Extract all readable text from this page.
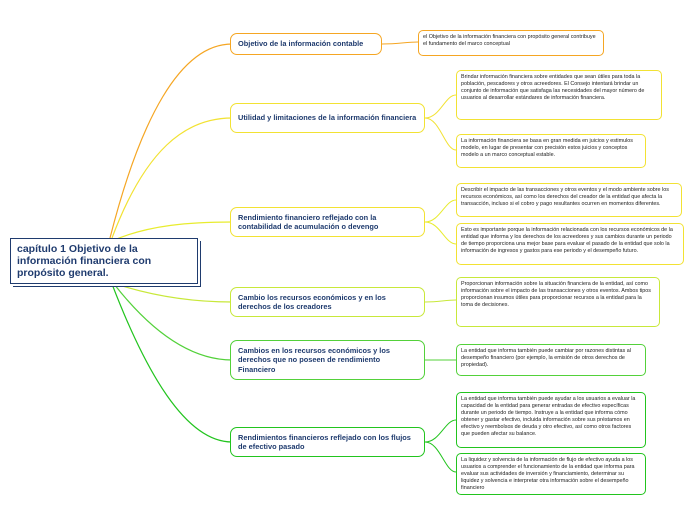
capítulo 1 Objetivo de la información financiera con propósito general.
Objetivo de la información contable
el Objetivo de la información financiera con propósito general contribuye el fundamento del marco conceptual
Utilidad y limitaciones de la información financiera
Brindar información financiera sobre entidades que sean útiles para toda la población, pescadores y otros acreedores. El Consejo intentará brindar un conjunto de información que satisfaga las necesidades del mayor número de usuarios al desarrollar estándares de información financiera.
La información financiera se basa en gran medida en juicios y estimulos modelo, en lugar de presentar con precisión estos juicios y conceptos modelo a un marco conceptual estable.
Rendimiento financiero reflejado con la contabilidad de acumulación o devengo
Describir el impacto de las transacciones y otros eventos y el modo ambiente sobre los recursos económicos, así como los derechos del creador de la entidad que afecta la transacción, incluso si el cobro y pago resultantes ocurren en momentos diferentes.
Esto es importante porque la información relacionada con los recursos económicos de la entidad que informa y los derechos de los acreedores y sus cambios durante un periodo de tiempo proporciona una mejor base para evaluar el pasado de la entidad que solo la información de ingresos y gastos para ese periodo y el desempeño futuro.
Cambio los recursos económicos y en los derechos de los creadores
Proporcionan información sobre la situación financiera de la entidad, así como información sobre el impacto de las transacciones y otros eventos. Ambos tipos proporcionan insumos útiles para proporcionar recursos a la entidad para la toma de decisiones.
Cambios en los recursos económicos y los derechos que no poseen de rendimiento Financiero
La entidad que informa también puede cambiar por razones distintas al desempeño financiero (por ejemplo, la emisión de otros derechos de propiedad).
Rendimientos financieros reflejado con los flujos de efectivo pasado
La entidad que informa también puede ayudar a los usuarios a evaluar la capacidad de la entidad para generar entradas de efectivo específicas durante un periodo de tiempo. Instruye a la entidad que informa cómo obtener y gastar efectivo, incluida información sobre sus préstamos en efectivo y reembolsos de deuda y otro efectivo, así como otros factores que pueden afectar su balance.
La liquidez y solvencia de la información de flujo de efectivo ayuda a los usuarios a comprender el funcionamiento de la entidad que informa para evaluar sus actividades de inversión y financiamiento, determinar su liquidez y solvencia e interpretar otra información sobre el desempeño financiero
